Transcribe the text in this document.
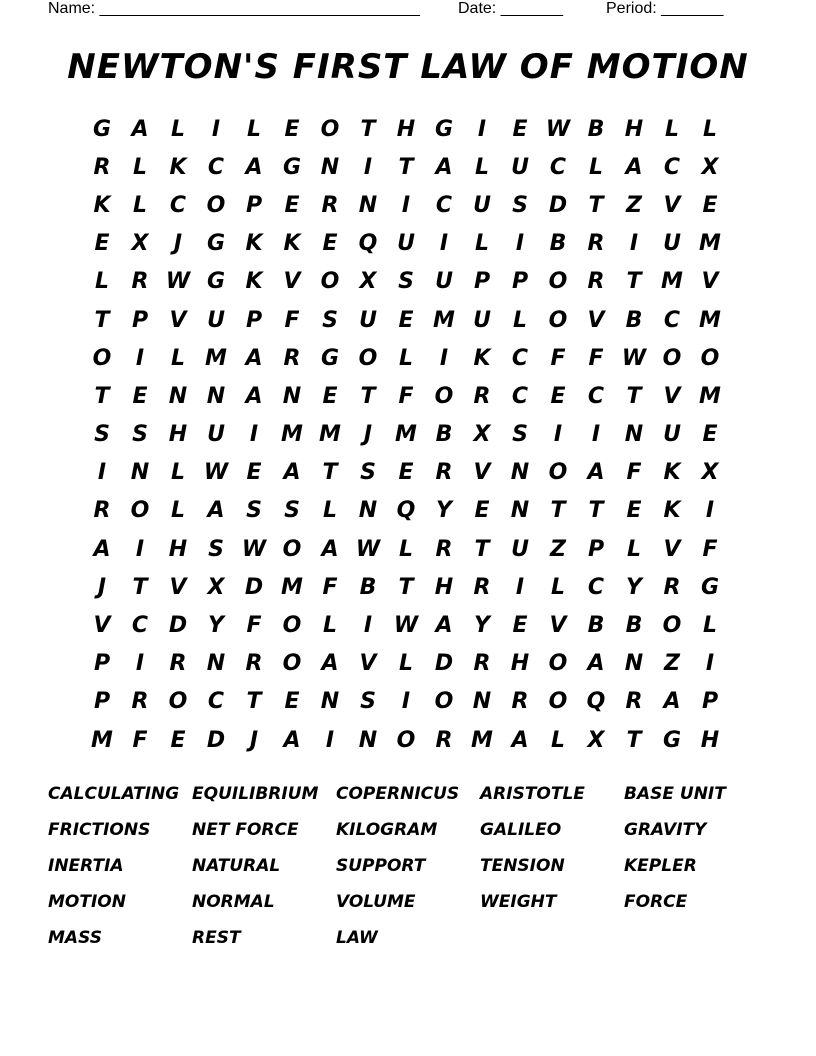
Name: ____________________________________ Date: _______	Period: _______
NEWTON'S FIRST LAW OF MOTION
G A	L	I	L	E O T H G	I	E W B H L	L
R	L	K C A G N	I	T A	L	U C	L	A C X
K	L	C O P	E	R N	I	C U S D T	Z V E
E	X	J	G K K E Q U	I	L	I	B R	I	U M
L	R W G K V O X S U P P O R	T M V
T	P V U P	F	S U E M U	L O V B C M
O	I	L M A R G O L	I	K C	F	F W O O
T	E N N A N E	T	F O R C	E	C	T V M
S	S H U	I	M M	J	M B X S	I	I	N U E
I	N L W E A T	S	E	R V N O A F K X
R O L	A S	S	L N Q Y	E N T	T	E K	I
A	I	H S W O A W L	R	T U Z P	L	V F
J	T V X D M F	B	T H R	I	L	C Y R G
V C D Y	F O L	I W A Y	E V B B O L
P	I	R N R O A V	L D R H O A N Z	I
P R O C	T	E N S	I	O N R O Q R A P
M F	E D	J	A	I	N O R M A	L	X	T G H
CALCULATING EQUILIBRIUM	COPERNICUS	ARISTOTLE	BASE UNIT
FRICTIONS	NET FORCE	KILOGRAM	GALILEO	GRAVITY
INERTIA	NATURAL	SUPPORT	TENSION	KEPLER
MOTION	NORMAL	VOLUME	WEIGHT	FORCE
MASS	REST	LAW
